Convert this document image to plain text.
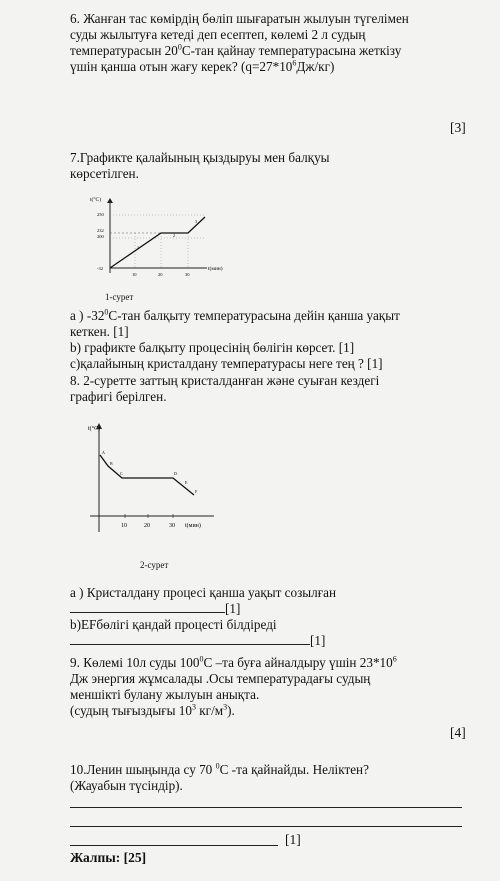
6. Жанған тас көмірдің бөліп шығаратын жылуын түгелімен
суды жылытуға кетеді деп есептеп, көлемі 2 л судың
температурасын $20^0С$-тан қайнау температурасына жеткізу
үшін қанша отын жағу керек? $(q=27*10^6Дж/кг)$
[3]
7.Графикте қалайының қыздыруы мен балқуы
көрсетілген.
t(°C)
t(мин)
250
232
200
-32
10	20	30
1
2
3
1-сурет
а ) $-32^0С$-тан балқыту температурасына дейін қанша уақыт
кеткен. [1]
b) графикте балқыту процесінің бөлігін көрсет. [1]
с)қалайының кристалдану температурасы неге тең ? [1]
8. 2-суретте заттың кристалданған және суыған кездегі
графигі берілген.
t(°C)
t(мин)
10	20	30
A
B
C	D
E
F
2-сурет
а ) Кристалдану процесі қанша уақыт созылған
[1]
b)EFбөлігі қандай процесті білдіреді
[1]
9. Көлемі 10л суды $100^0С$ –та буға айналдыру үшін $23*10^6$
Дж энергия жұмсалады .Осы температурадағы судың
меншікті булану жылуын анықта.
(судың тығыздығы $10^3$ $кг/м^3$).
[4]
10.Ленин шыңында су 70 $^0$С -та қайнайды. Неліктен?
(Жауабын түсіндір).
[1]
Жалпы: [25]
